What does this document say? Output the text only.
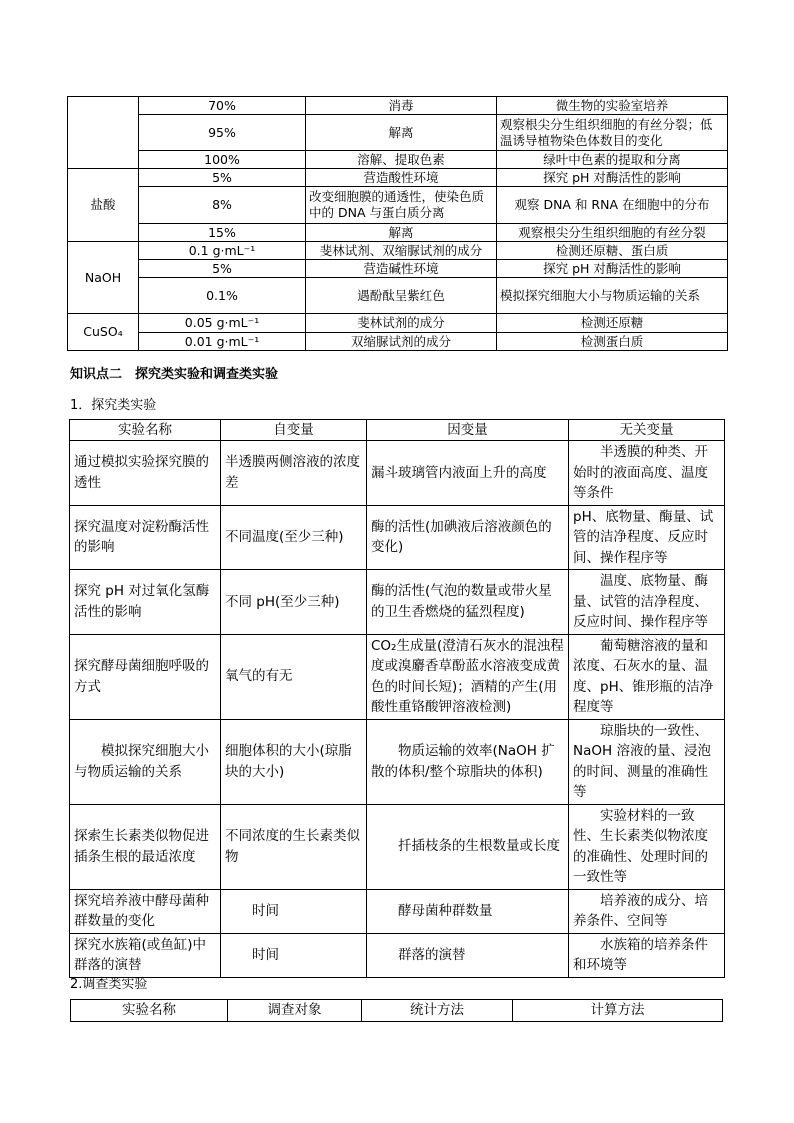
	70%	消毒	微生物的实验室培养
	95%	解离	观察根尖分生组织细胞的有丝分裂；低温诱导植物染色体数目的变化
	100%	溶解、提取色素	绿叶中色素的提取和分离
盐酸	5%	营造酸性环境	探究 pH 对酶活性的影响
	8%	改变细胞膜的通透性，使染色质中的 DNA 与蛋白质分离	观察 DNA 和 RNA 在细胞中的分布
	15%	解离	观察根尖分生组织细胞的有丝分裂
NaOH	0.1 g·mL⁻¹	斐林试剂、双缩脲试剂的成分	检测还原糖、蛋白质
	5%	营造碱性环境	探究 pH 对酶活性的影响
	0.1%	遇酚酞呈紫红色	模拟探究细胞大小与物质运输的关系
CuSO₄	0.05 g·mL⁻¹	斐林试剂的成分	检测还原糖
	0.01 g·mL⁻¹	双缩脲试剂的成分	检测蛋白质
知识点二　探究类实验和调查类实验
1．探究类实验
实验名称	自变量	因变量	无关变量
通过模拟实验探究膜的透性	半透膜两侧溶液的浓度差	漏斗玻璃管内液面上升的高度	半透膜的种类、开始时的液面高度、温度等条件
探究温度对淀粉酶活性的影响	不同温度(至少三种)	酶的活性(加碘液后溶液颜色的变化)	pH、底物量、酶量、试管的洁净程度、反应时间、操作程序等
探究 pH 对过氧化氢酶活性的影响	不同 pH(至少三种)	酶的活性(气泡的数量或带火星的卫生香燃烧的猛烈程度)	温度、底物量、酶量、试管的洁净程度、反应时间、操作程序等
探究酵母菌细胞呼吸的方式	氧气的有无	CO₂生成量(澄清石灰水的混浊程度或溴麝香草酚蓝水溶液变成黄色的时间长短)；酒精的产生(用酸性重铬酸钾溶液检测)	葡萄糖溶液的量和浓度、石灰水的量、温度、pH、锥形瓶的洁净程度等
模拟探究细胞大小与物质运输的关系	细胞体积的大小(琼脂块的大小)	物质运输的效率(NaOH 扩散的体积/整个琼脂块的体积)	琼脂块的一致性、NaOH 溶液的量、浸泡的时间、测量的准确性等
探索生长素类似物促进插条生根的最适浓度	不同浓度的生长素类似物	扦插枝条的生根数量或长度	实验材料的一致性、生长素类似物浓度的准确性、处理时间的一致性等
探究培养液中酵母菌种群数量的变化	时间	酵母菌种群数量	培养液的成分、培养条件、空间等
探究水族箱(或鱼缸)中群落的演替	时间	群落的演替	水族箱的培养条件和环境等
2.调查类实验
实验名称	调查对象	统计方法	计算方法
